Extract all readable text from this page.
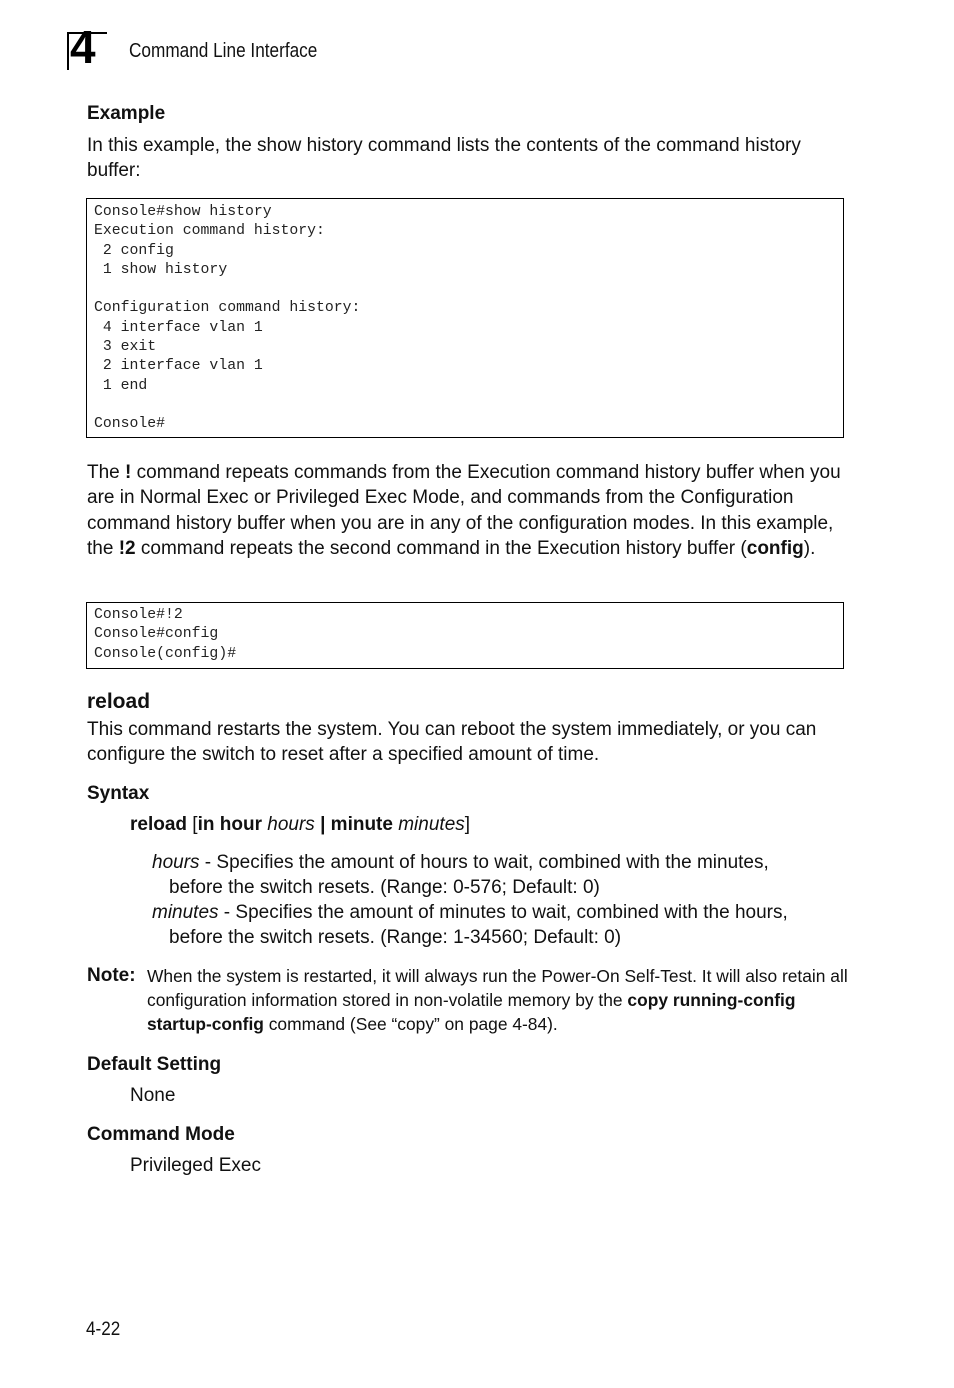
4 Command Line Interface
Example
In this example, the show history command lists the contents of the command history buffer:
Console#show history
Execution command history:
2 config
1 show history

Configuration command history:
4 interface vlan 1
3 exit
2 interface vlan 1
1 end

Console#
The ! command repeats commands from the Execution command history buffer when you are in Normal Exec or Privileged Exec Mode, and commands from the Configuration command history buffer when you are in any of the configuration modes. In this example, the !2 command repeats the second command in the Execution history buffer (config).
Console#!2
Console#config
Console(config)#
reload
This command restarts the system. You can reboot the system immediately, or you can configure the switch to reset after a specified amount of time.
Syntax
reload [in hour hours | minute minutes]
hours - Specifies the amount of hours to wait, combined with the minutes,
before the switch resets. (Range: 0-576; Default: 0)
minutes - Specifies the amount of minutes to wait, combined with the hours,
before the switch resets. (Range: 1-34560; Default: 0)
Note: When the system is restarted, it will always run the Power-On Self-Test. It will also retain all configuration information stored in non-volatile memory by the copy running-config startup-config command (See “copy” on page 4-84).
Default Setting
None
Command Mode
Privileged Exec
4-22
